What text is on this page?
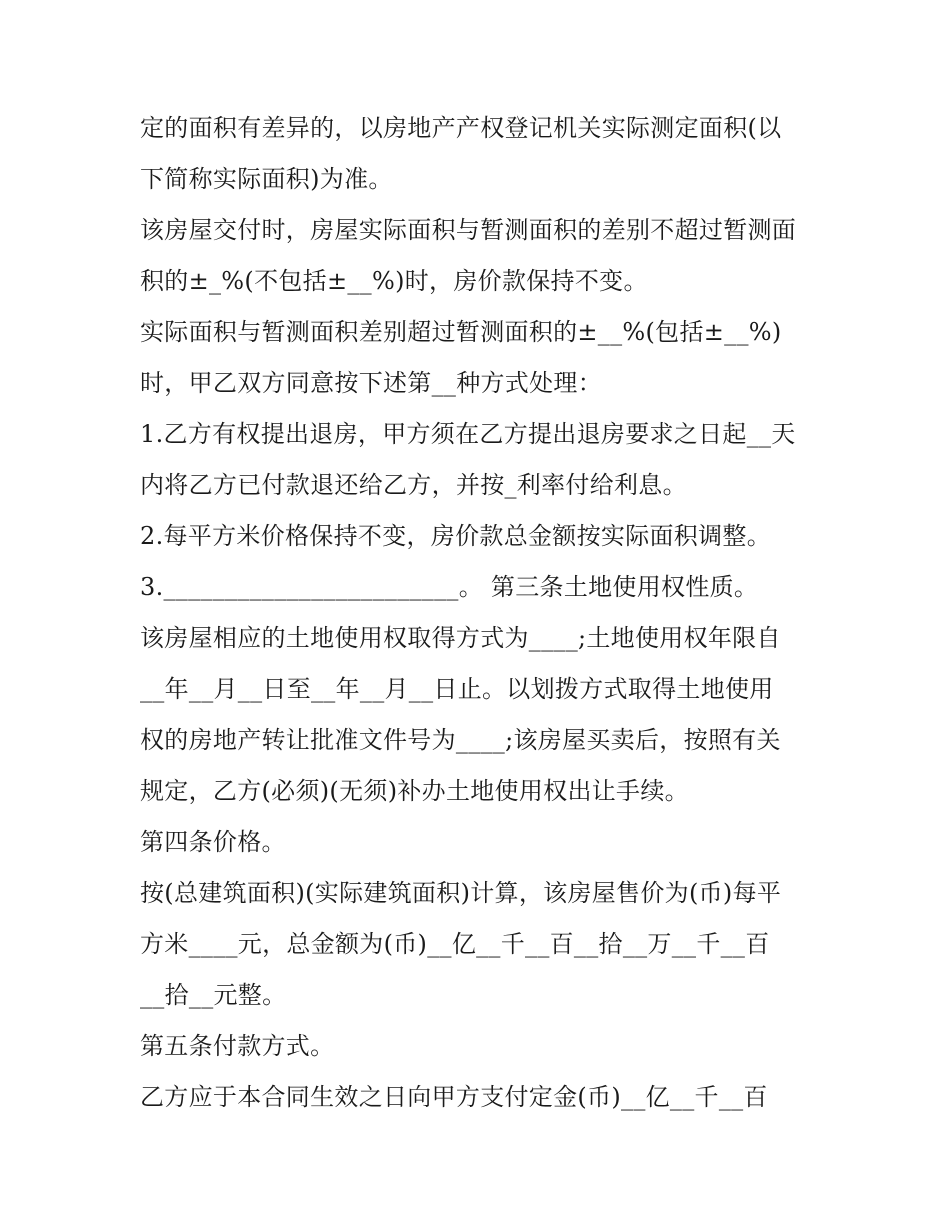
定的面积有差异的，以房地产产权登记机关实际测定面积(以

下简称实际面积)为准。

该房屋交付时，房屋实际面积与暂测面积的差别不超过暂测面

积的±_%(不包括±__%)时，房价款保持不变。

实际面积与暂测面积差别超过暂测面积的±__%(包括±__%)

时，甲乙双方同意按下述第__种方式处理：

1.乙方有权提出退房，甲方须在乙方提出退房要求之日起__天

内将乙方已付款退还给乙方，并按_利率付给利息。

2.每平方米价格保持不变，房价款总金额按实际面积调整。

3.________________________。 第三条土地使用权性质。

该房屋相应的土地使用权取得方式为____;土地使用权年限自

__年__月__日至__年__月__日止。以划拨方式取得土地使用

权的房地产转让批准文件号为____;该房屋买卖后，按照有关

规定，乙方(必须)(无须)补办土地使用权出让手续。

第四条价格。

按(总建筑面积)(实际建筑面积)计算，该房屋售价为(币)每平

方米____元，总金额为(币)__亿__千__百__拾__万__千__百

__拾__元整。

第五条付款方式。

乙方应于本合同生效之日向甲方支付定金(币)__亿__千__百
